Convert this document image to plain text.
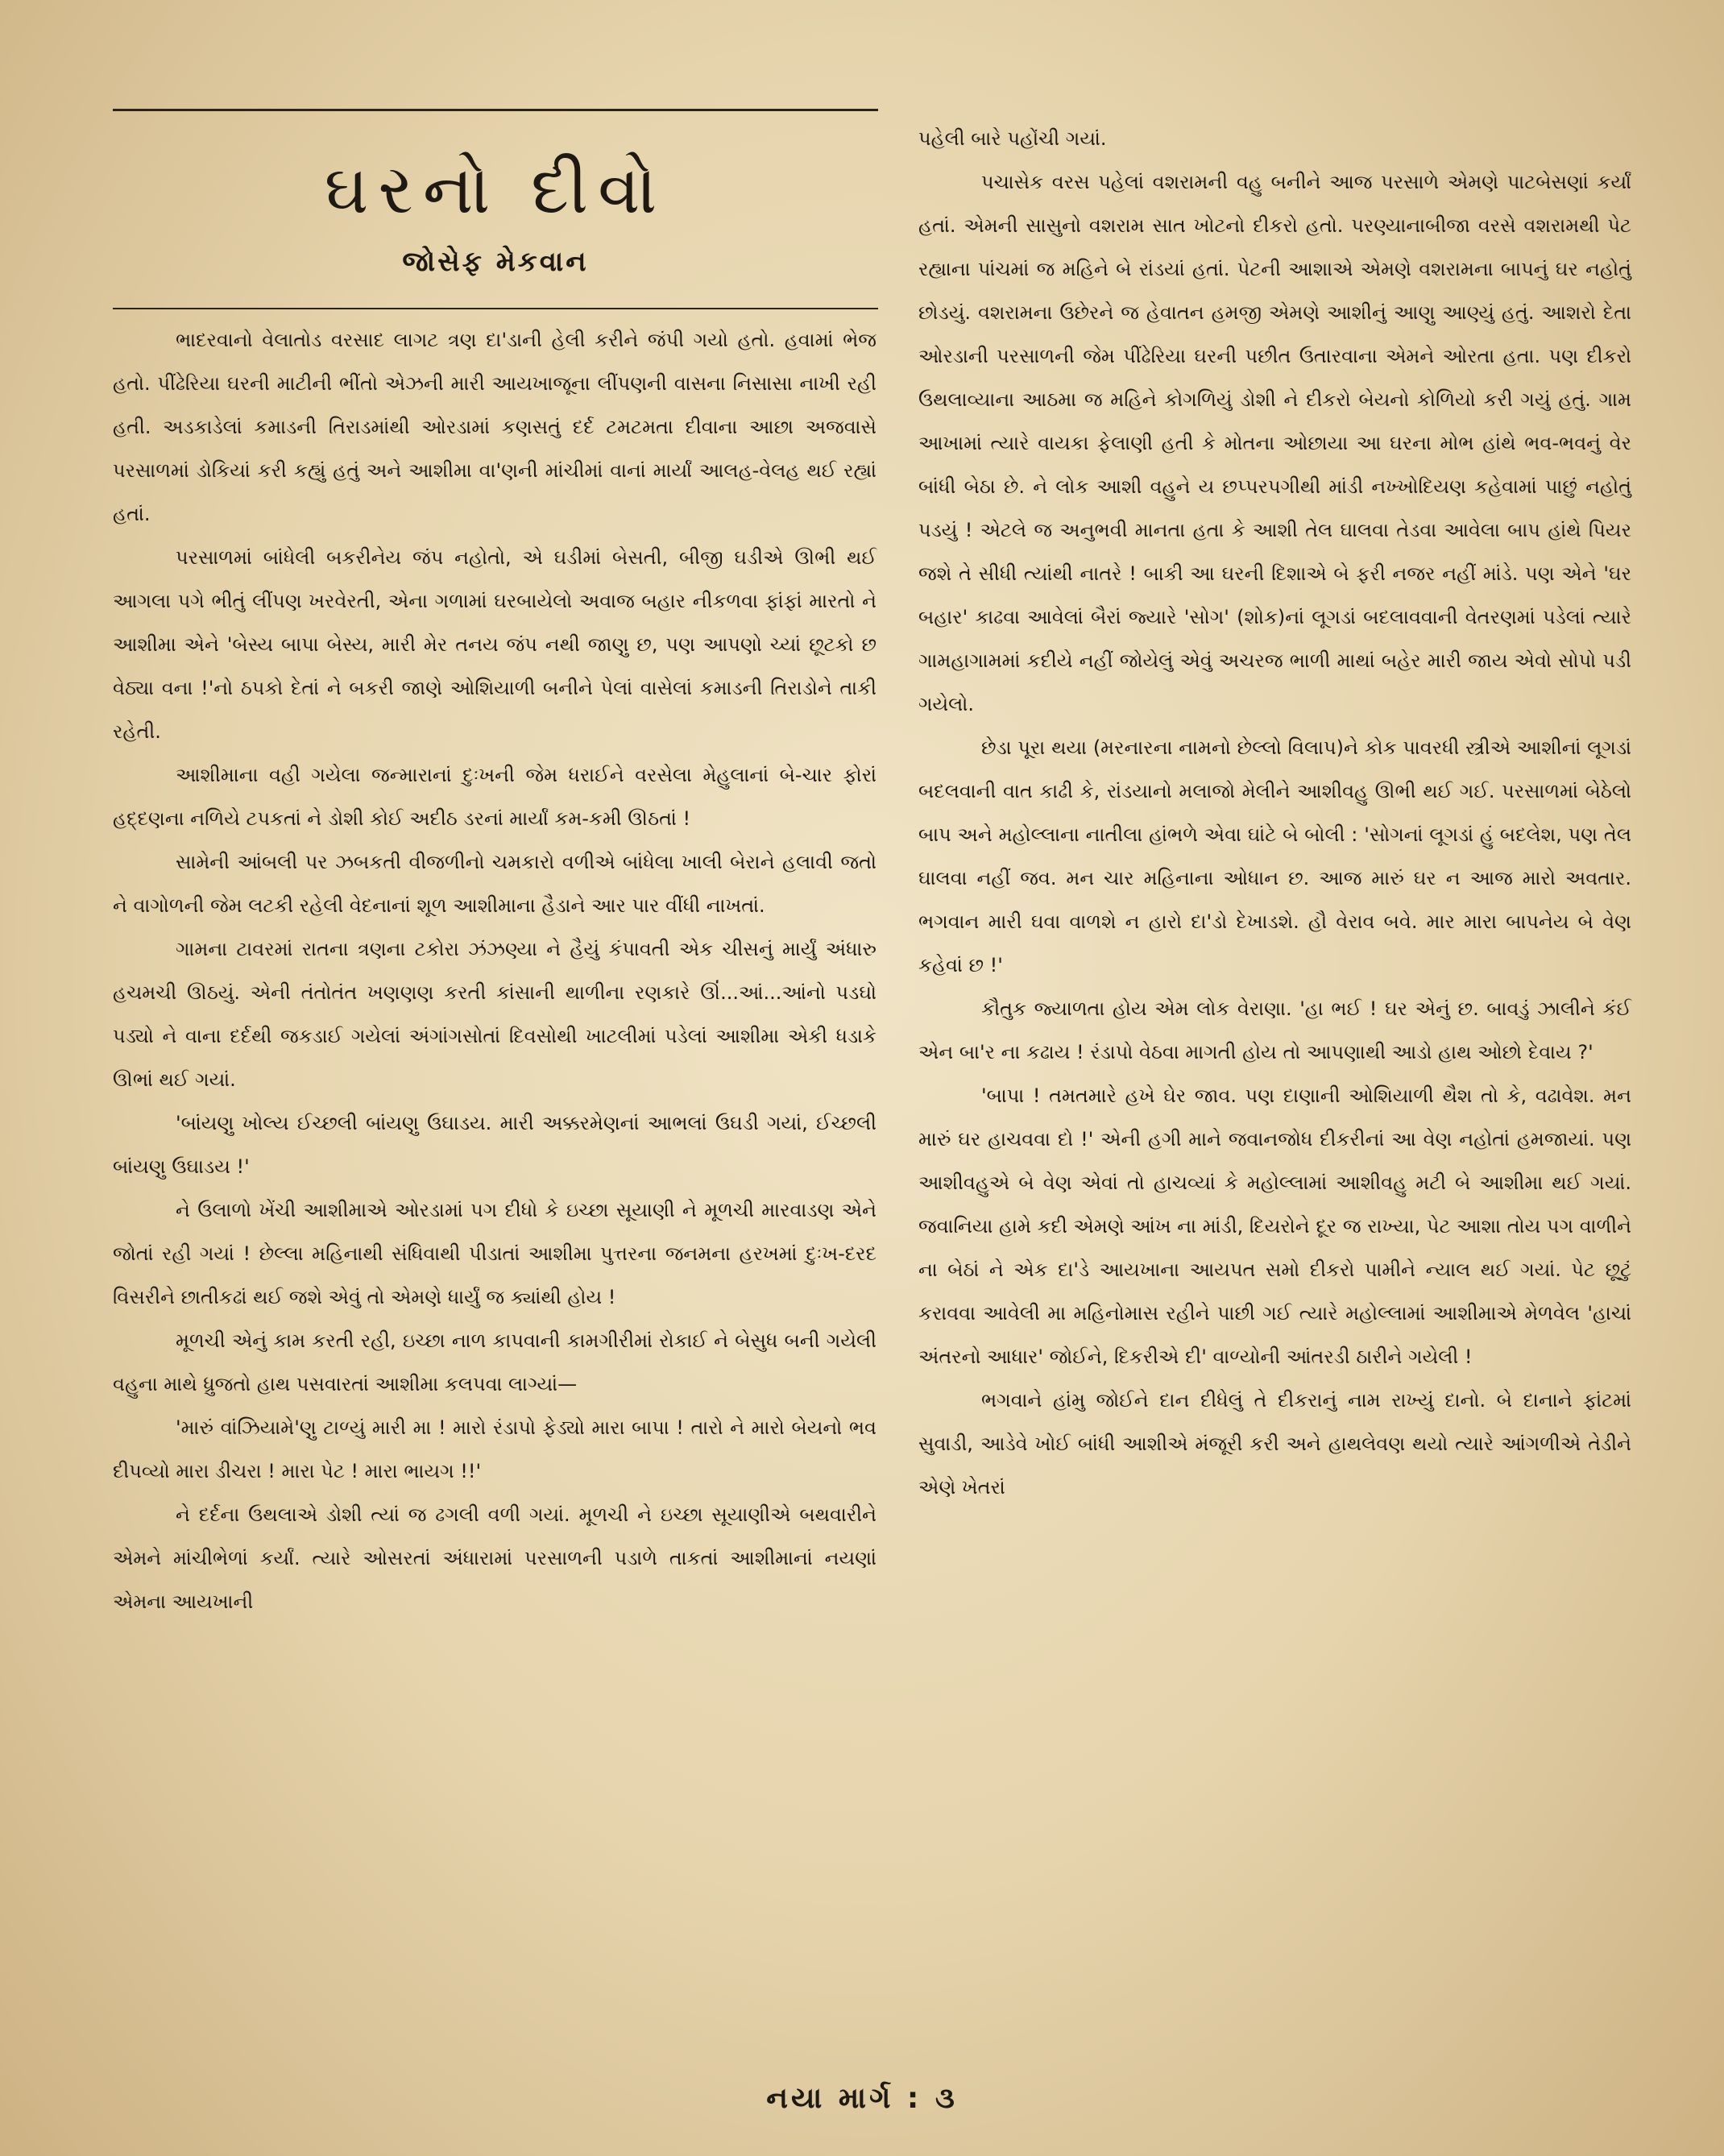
ઘરનો દીવો
જોસેફ મેકવાન

ભાદરવાનો વેલાતોડ વરસાદ લાગટ ત્રણ દા'ડાની હેલી કરીને જંપી ગયો હતો. હવામાં ભેજ હતો. પીંઢેરિયા ઘરની માટીની ભીંતો એઝની મારી આયખાજૂના લીંપણની વાસના નિસાસા નાખી રહી હતી. અડકાડેલાં કમાડની તિરાડમાંથી ઓરડામાં કણસતું દર્દ ટમટમતા દીવાના આછા અજવાસે પરસાળમાં ડોકિયાં કરી કહ્યું હતું અને આશીમા વા'ણની માંચીમાં વાનાં માર્યાં આલહ-વેલહ થઈ રહ્યાં હતાં.

પરસાળમાં બાંધેલી બકરીનેય જંપ નહોતો, એ ઘડીમાં બેસતી, બીજી ઘડીએ ઊભી થઈ આગલા પગે ભીતું લીંપણ ખરવેરતી, એના ગળામાં ઘરબાયેલો અવાજ બહાર નીકળવા ફાંફાં મારતો ને આશીમા એને 'બેસ્ય બાપા બેસ્ય, મારી મેર તનય જંપ નથી જાણુ છ, પણ આપણો ચ્યાં છૂટકો છ વેઠ્યા વના !'નો ઠપકો દેતાં ને બકરી જાણે ઓશિયાળી બનીને પેલાં વાસેલાં કમાડની તિરાડોને તાકી રહેતી.

આશીમાના વહી ગયેલા જન્મારાનાં દુઃખની જેમ ધરાઈને વરસેલા મેહુલાનાં બે-ચાર ફોરાં હદ્દણના નળિયે ટપકતાં ને ડોશી કોઈ અદીઠ ડરનાં માર્યાં કમ-કમી ઊઠતાં !

સામેની આંબલી પર ઝબકતી વીજળીનો ચમકારો વળીએ બાંધેલા ખાલી બેરાને હલાવી જતો ને વાગોળની જેમ લટકી રહેલી વેદનાનાં શૂળ આશીમાના હૈડાને આર પાર વીંધી નાખતાં.

ગામના ટાવરમાં રાતના ત્રણના ટકોરા ઝંઝણ્યા ને હૈયું કંપાવતી એક ચીસનું માર્યું અંધારુ હચમચી ઊઠયું. એની તંતોતંત ખણણણ કરતી કાંસાની થાળીના રણકારે ઊંં...આં...આંનો પડઘો પડ્યો ને વાના દર્દથી જકડાઈ ગયેલાં અંગાંગસોતાં દિવસોથી ખાટલીમાં પડેલાં આશીમા એકી ધડાકે ઊભાં થઈ ગયાં.

'બાંયણુ ખોલ્ય ઈચ્છલી બાંયણુ ઉઘાડય. મારી અક્કરમેણનાં આભલાં ઉઘડી ગયાં, ઈચ્છલી બાંયણુ ઉઘાડય !'

ને ઉલાળો ખેંચી આશીમાએ ઓરડામાં પગ દીધો કે ઇચ્છા સૂયાણી ને મૂળચી મારવાડણ એને જોતાં રહી ગયાં ! છેલ્લા મહિનાથી સંધિવાથી પીડાતાં આશીમા પુત્તરના જનમના હરખમાં દુઃખ-દરદ વિસરીને છાતીકઢાં થઈ જશે એવું તો એમણે ધાર્યું જ ક્યાંથી હોય !

મૂળચી એનું કામ કરતી રહી, ઇચ્છા નાળ કાપવાની કામગીરીમાં રોકાઈ ને બેસુધ બની ગયેલી વહુના માથે ધ્રુજતો હાથ પસવારતાં આશીમા કલપવા લાગ્યાં—

'મારું વાંઝિયામે'ણુ ટાળ્યું મારી મા ! મારો રંડાપો ફેડ્યો મારા બાપા ! તારો ને મારો બેયનો ભવ દીપવ્યો મારા ડીચરા ! મારા પેટ ! મારા ભાયગ !!'

ને દર્દના ઉથલાએ ડોશી ત્યાં જ ઢગલી વળી ગયાં. મૂળચી ને ઇચ્છા સૂયાણીએ બથવારીને એમને માંચીભેળાં કર્યાં. ત્યારે ઓસરતાં અંધારામાં પરસાળની પડાળે તાકતાં આશીમાનાં નયણાં એમના આયખાની

પહેલી બારે પહોંચી ગયાં.

પચાસેક વરસ પહેલાં વશરામની વહુ બનીને આજ પરસાળે એમણે પાટબેસણાં કર્યાં હતાં. એમની સાસુનો વશરામ સાત ખોટનો દીકરો હતો. પરણ્યાનાબીજા વરસે વશરામથી પેટ રહ્યાના પાંચમાં જ મહિને બે રાંડયાં હતાં. પેટની આશાએ એમણે વશરામના બાપનું ઘર નહોતું છોડયું. વશરામના ઉછેરને જ હેવાતન હમજી એમણે આશીનું આણુ આણ્યું હતું. આશરો દેતા ઓરડાની પરસાળની જેમ પીંઢેરિયા ઘરની પછીત ઉતારવાના એમને ઓરતા હતા. પણ દીકરો ઉથલાવ્યાના આઠમા જ મહિને કોગળિયું ડોશી ને દીકરો બેયનો કોળિયો કરી ગયું હતું. ગામ આખામાં ત્યારે વાયકા ફેલાણી હતી કે મોતના ઓછાયા આ ઘરના મોભ હાંથે ભવ-ભવનું વેર બાંધી બેઠા છે. ને લોક આશી વહુને ય છપ્પરપગીથી માંડી નખ્ખોદિયણ કહેવામાં પાછું નહોતું પડયું ! એટલે જ અનુભવી માનતા હતા કે આશી તેલ ઘાલવા તેડવા આવેલા બાપ હાંથે પિયર જશે તે સીધી ત્યાંથી નાતરે ! બાકી આ ઘરની દિશાએ બે ફરી નજર નહીં માંડે. પણ એને 'ઘર બહાર' કાઢવા આવેલાં બૈરાં જ્યારે 'સોગ' (શોક)નાં લૂગડાં બદલાવવાની વેતરણમાં પડેલાં ત્યારે ગામહાગામમાં કદીયે નહીં જોયેલું એવું અચરજ ભાળી માથાં બહેર મારી જાય એવો સોપો પડી ગયેલો.

છેડા પૂરા થયા (મરનારના નામનો છેલ્લો વિલાપ)ને કોક પાવરધી સ્ત્રીએ આશીનાં લૂગડાં બદલવાની વાત કાઢી કે, રાંડયાનો મલાજો મેલીને આશીવહુ ઊભી થઈ ગઈ. પરસાળમાં બેઠેલો બાપ અને મહોલ્લાના નાતીલા હાંભળે એવા ઘાંટે બે બોલી : 'સોગનાં લૂગડાં હું બદલેશ, પણ તેલ ઘાલવા નહીં જવ. મન ચાર મહિનાના ઓધાન છ. આજ મારું ઘર ન આજ મારો અવતાર. ભગવાન મારી ઘવા વાળશે ન હારો દા'ડો દેખાડશે. હૌ વેરાવ બવે. માર મારા બાપનેય બે વેણ કહેવાં છ !'

કૌતુક જ્યાળતા હોય એમ લોક વેરાણા. 'હા ભઈ ! ઘર એનું છ. બાવડું ઝાલીને કંઈ એન બા'ર ના કઢાય ! રંડાપો વેઠવા માગતી હોય તો આપણાથી આડો હાથ ઓછો દેવાય ?'

'બાપા ! તમતમારે હખે ઘેર જાવ. પણ દાણાની ઓશિયાળી થૈશ તો કે, વઢાવેશ. મન મારું ઘર હાચવવા દો !' એની હગી માને જવાનજોધ દીકરીનાં આ વેણ નહોતાં હમજાયાં. પણ આશીવહુએ બે વેણ એવાં તો હાચવ્યાં કે મહોલ્લામાં આશીવહુ મટી બે આશીમા થઈ ગયાં. જવાનિયા હામે કદી એમણે આંખ ના માંડી, દિયરોને દૂર જ રાખ્યા, પેટ આશા તોય પગ વાળીને ના બેઠાં ને એક દા'ડે આયખાના આયપત સમો દીકરો પામીને ન્યાલ થઈ ગયાં. પેટ છૂટું કરાવવા આવેલી મા મહિનોમાસ રહીને પાછી ગઈ ત્યારે મહોલ્લામાં આશીમાએ મેળવેલ 'હાચાં અંતરનો આધાર' જોઈને, દિકરીએ દી' વાળ્યોની આંતરડી ઠારીને ગયેલી !

ભગવાને હાંમુ જોઈને દાન દીધેલું તે દીકરાનું નામ રાખ્યું દાનો. બે દાનાને ફાંટમાં સુવાડી, આડેવે ખોઈ બાંધી આશીએ મંજૂરી કરી અને હાથલેવણ થયો ત્યારે આંગળીએ તેડીને એણે ખેતરાં

નયા માર્ગ : ૩
